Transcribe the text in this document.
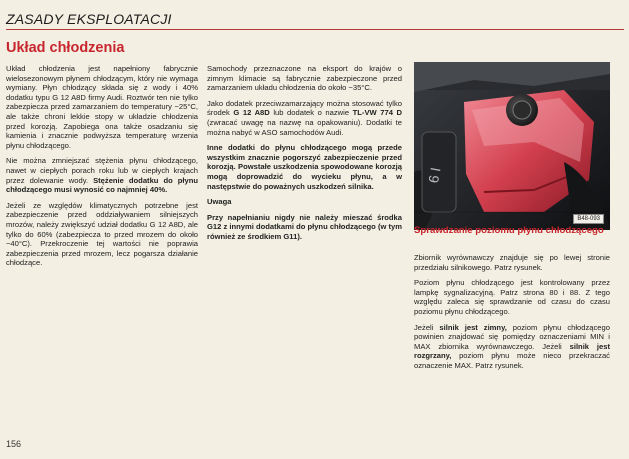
ZASADY EKSPLOATACJI
Układ chłodzenia

Układ chłodzenia jest napełniony fabrycznie wielosezonowym płynem chłodzącym, który nie wymaga wymiany. Płyn chłodzący składa się z wody i 40% dodatku typu G 12 A8D firmy Audi. Roztwór ten nie tylko zabezpiecza przed zamarzaniem do temperatury −25°C, ale także chroni lekkie stopy w układzie chłodzenia przed korozją. Zapobiega ona także osadzaniu się kamienia i znacznie podwyższa temperaturę wrzenia płynu chłodzącego.

Nie można zmniejszać stężenia płynu chłodzącego, nawet w ciepłych porach roku lub w ciepłych krajach przez dolewanie wody. Stężenie dodatku do płynu chłodzącego musi wynosić co najmniej 40%.

Jeżeli ze względów klimatycznych potrzebne jest zabezpieczenie przed oddziaływaniem silniejszych mrozów, należy zwiększyć udział dodatku G 12 A8D, ale tylko do 60% (zabezpiecza to przed mrozem do około −40°C). Przekroczenie tej wartości nie poprawia zabezpieczenia przed mrozem, lecz pogarsza działanie chłodzące.

Samochody przeznaczone na eksport do krajów o zimnym klimacie są fabrycznie zabezpieczone przed zamarzaniem układu chłodzenia do około −35°C.

Jako dodatek przeciwzamarzający można stosować tylko środek G 12 A8D lub dodatek o nazwie TL-VW 774 D (zwracać uwagę na nazwę na opakowaniu). Dodatki te można nabyć w ASO samochodów Audi.

Inne dodatki do płynu chłodzącego mogą przede wszystkim znacznie pogorszyć zabezpieczenie przed korozją. Powstałe uszkodzenia spowodowane korozją mogą doprowadzić do wycieku płynu, a w następstwie do poważnych uszkodzeń silnika.

Uwaga

Przy napełnianiu nigdy nie należy mieszać środka G12 z innymi dodatkami do płynu chłodzącego (w tym również ze środkiem G11).

6 I
B48-093
Sprawdzanie poziomu płynu chłodzącego

Zbiornik wyrównawczy znajduje się po lewej stronie przedziału silnikowego. Patrz rysunek.

Poziom płynu chłodzącego jest kontrolowany przez lampkę sygnalizacyjną. Patrz strona 80 i 88. Z tego względu zaleca się sprawdzanie od czasu do czasu poziomu płynu chłodzącego.

Jeżeli silnik jest zimny, poziom płynu chłodzącego powinien znajdować się pomiędzy oznaczeniami MIN i MAX zbiornika wyrównawczego. Jeżeli silnik jest rozgrzany, poziom płynu może nieco przekraczać oznaczenie MAX. Patrz rysunek.

156
